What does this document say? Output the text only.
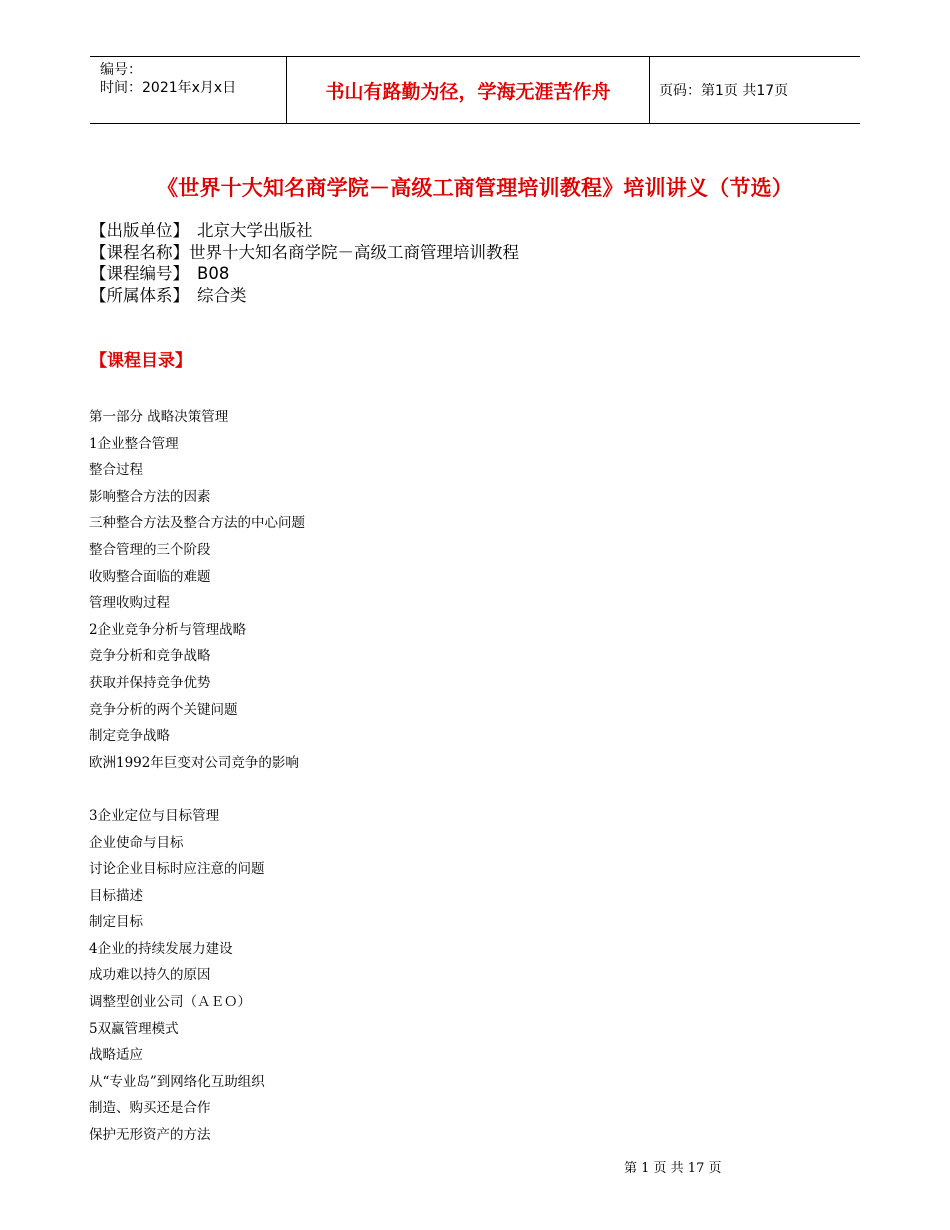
编号：
时间：2021年x月x日	书山有路勤为径，学海无涯苦作舟	页码：第1页 共17页
《世界十大知名商学院－高级工商管理培训教程》培训讲义（节选）
【出版单位】 北京大学出版社
【课程名称】世界十大知名商学院－高级工商管理培训教程
【课程编号】 B08
【所属体系】 综合类
【课程目录】
第一部分 战略决策管理
1企业整合管理
整合过程
影响整合方法的因素
三种整合方法及整合方法的中心问题
整合管理的三个阶段
收购整合面临的难题
管理收购过程
2企业竞争分析与管理战略
竞争分析和竞争战略
获取并保持竞争优势
竞争分析的两个关键问题
制定竞争战略
欧洲1992年巨变对公司竞争的影响
3企业定位与目标管理
企业使命与目标
讨论企业目标时应注意的问题
目标描述
制定目标
4企业的持续发展力建设
成功难以持久的原因
调整型创业公司（ＡＥＯ）
5双赢管理模式
战略适应
从“专业岛”到网络化互助组织
制造、购买还是合作
保护无形资产的方法
第 1 页 共 17 页
